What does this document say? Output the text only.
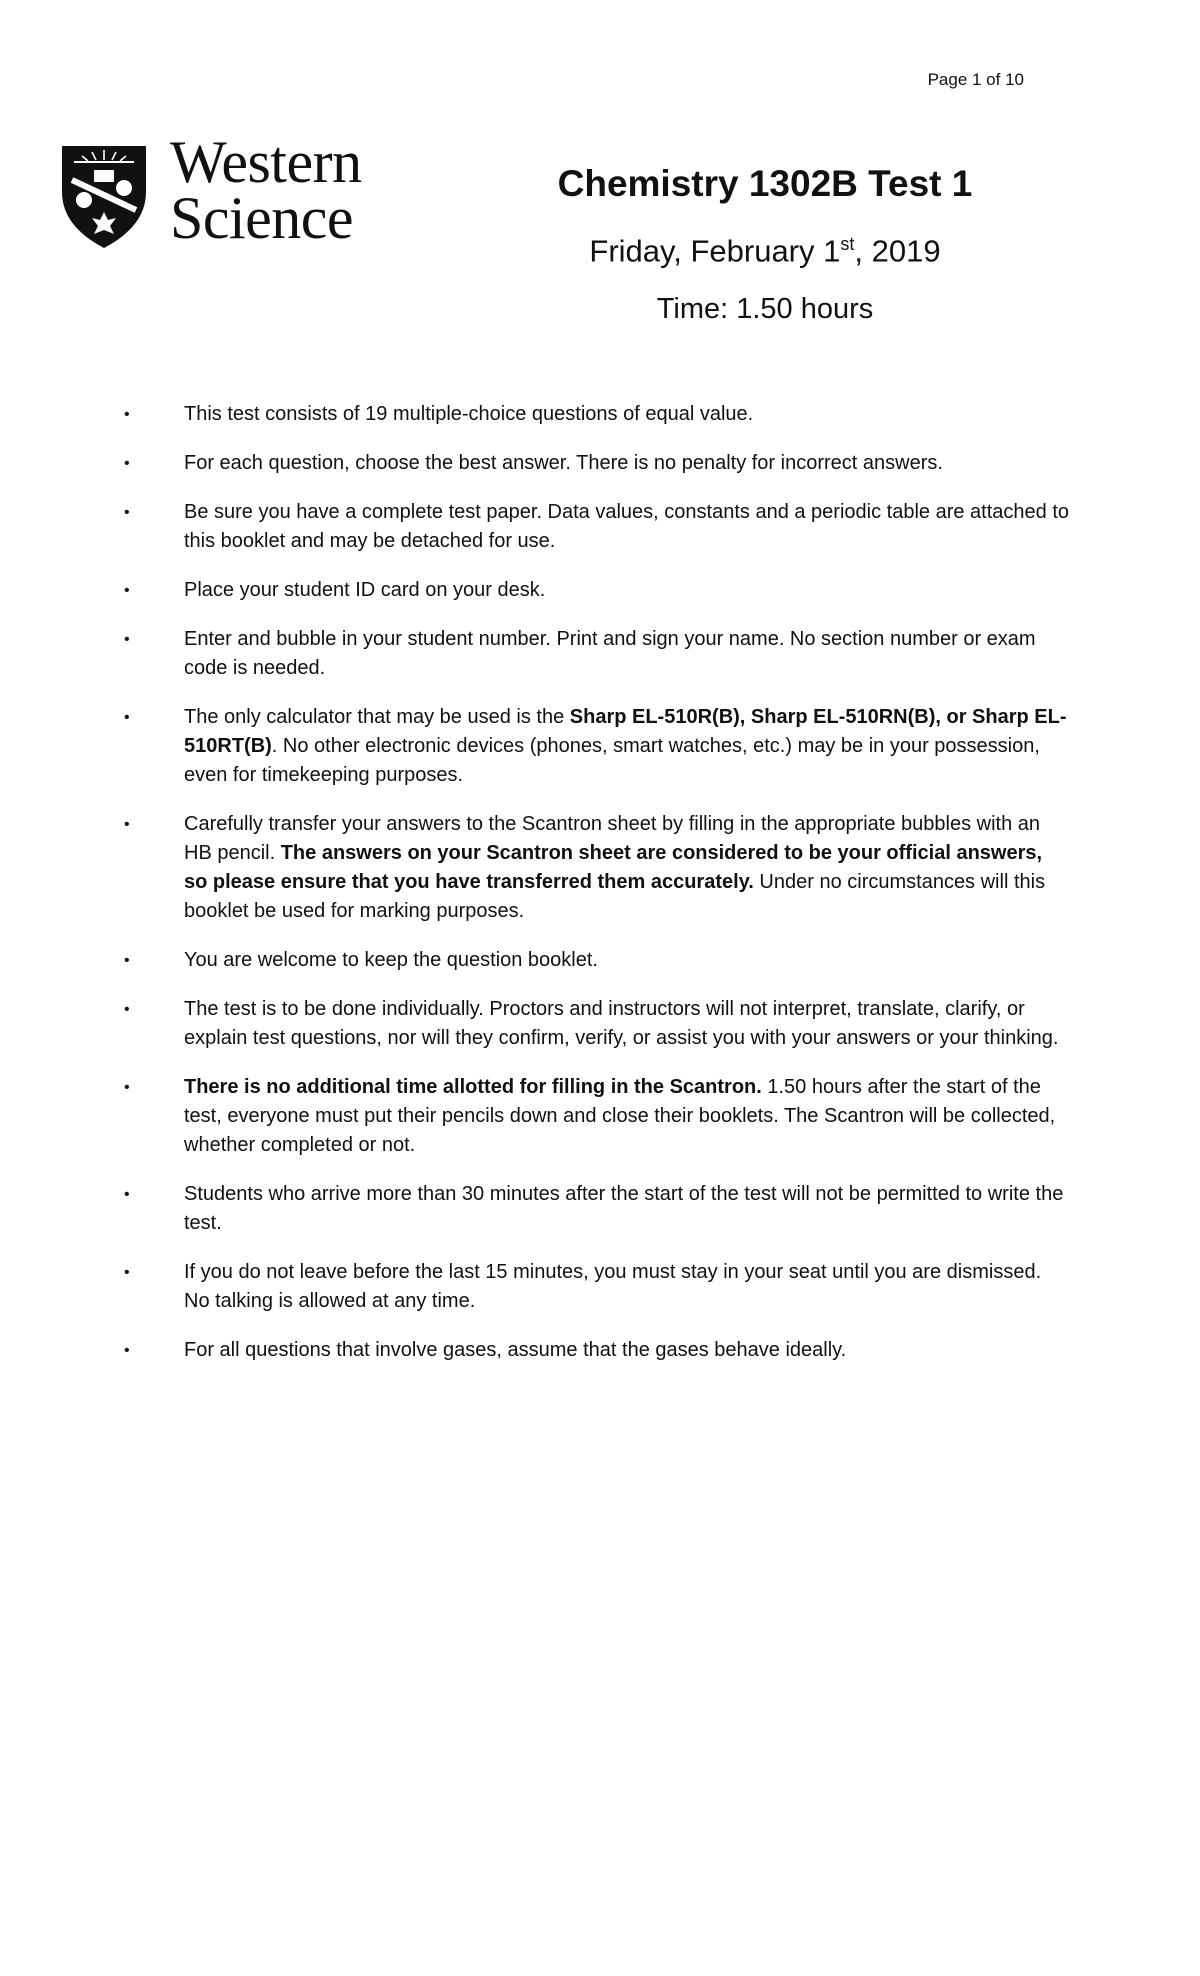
Page 1 of 10
Western
Science
Chemistry 1302B Test 1

Friday, February 1st, 2019

Time: 1.50 hours

•	This test consists of 19 multiple-choice questions of equal value.
•	For each question, choose the best answer. There is no penalty for incorrect answers.
•	Be sure you have a complete test paper. Data values, constants and a periodic table are attached to this booklet and may be detached for use.
•	Place your student ID card on your desk.
•	Enter and bubble in your student number. Print and sign your name. No section number or exam code is needed.
•	The only calculator that may be used is the Sharp EL-510R(B), Sharp EL-510RN(B), or Sharp EL-510RT(B). No other electronic devices (phones, smart watches, etc.) may be in your possession, even for timekeeping purposes.
•	Carefully transfer your answers to the Scantron sheet by filling in the appropriate bubbles with an HB pencil. The answers on your Scantron sheet are considered to be your official answers, so please ensure that you have transferred them accurately. Under no circumstances will this booklet be used for marking purposes.
•	You are welcome to keep the question booklet.
•	The test is to be done individually. Proctors and instructors will not interpret, translate, clarify, or explain test questions, nor will they confirm, verify, or assist you with your answers or your thinking.
•	There is no additional time allotted for filling in the Scantron. 1.50 hours after the start of the test, everyone must put their pencils down and close their booklets. The Scantron will be collected, whether completed or not.
•	Students who arrive more than 30 minutes after the start of the test will not be permitted to write the test.
•	If you do not leave before the last 15 minutes, you must stay in your seat until you are dismissed. No talking is allowed at any time.
•	For all questions that involve gases, assume that the gases behave ideally.
